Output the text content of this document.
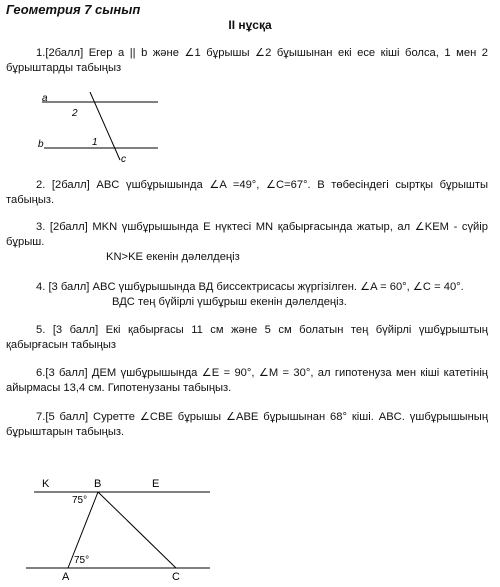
Геометрия 7 сынып
II нұсқа
1.[2балл] Егер a || b және ∠1 бұрышы ∠2 бұышынан екі есе кіші болса, 1 мен 2 бұрыштарды табыңыз
a
b
c
2
1
2. [2балл] ABC үшбұрышында ∠A =49°, ∠C=67°. В төбесіндегі сыртқы бұрышты табыңыз.
3. [2балл] MKN үшбұрышында E нүктесі MN қабырғасында жатыр, ал ∠KEM - сүйір бұрыш.
KN>KE екенін дәлелдеңіз
4. [3 балл] ABC үшбұрышында ВД биссектрисасы жүргізілген. ∠A = 60°, ∠C = 40°.
ВДС тең бүйірлі үшбұрыш екенін дәлелдеңіз.
5. [3 балл] Екі қабырғасы 11 см және 5 см болатын тең бүйірлі үшбұрыштың қабырғасын табыңыз
6.[3 балл] ДЕМ үшбұрышында ∠E = 90°, ∠M = 30°, ал гипотенуза мен кіші катетінің айырмасы 13,4 см. Гипотенузаны табыңыз.
7.[5 балл] Суретте ∠CBE бұрышы ∠ABE бұрышынан 68° кіші. ABC. үшбұрышының бұрыштарын табыңыз.
K	B	E
A	C
75°
75°
